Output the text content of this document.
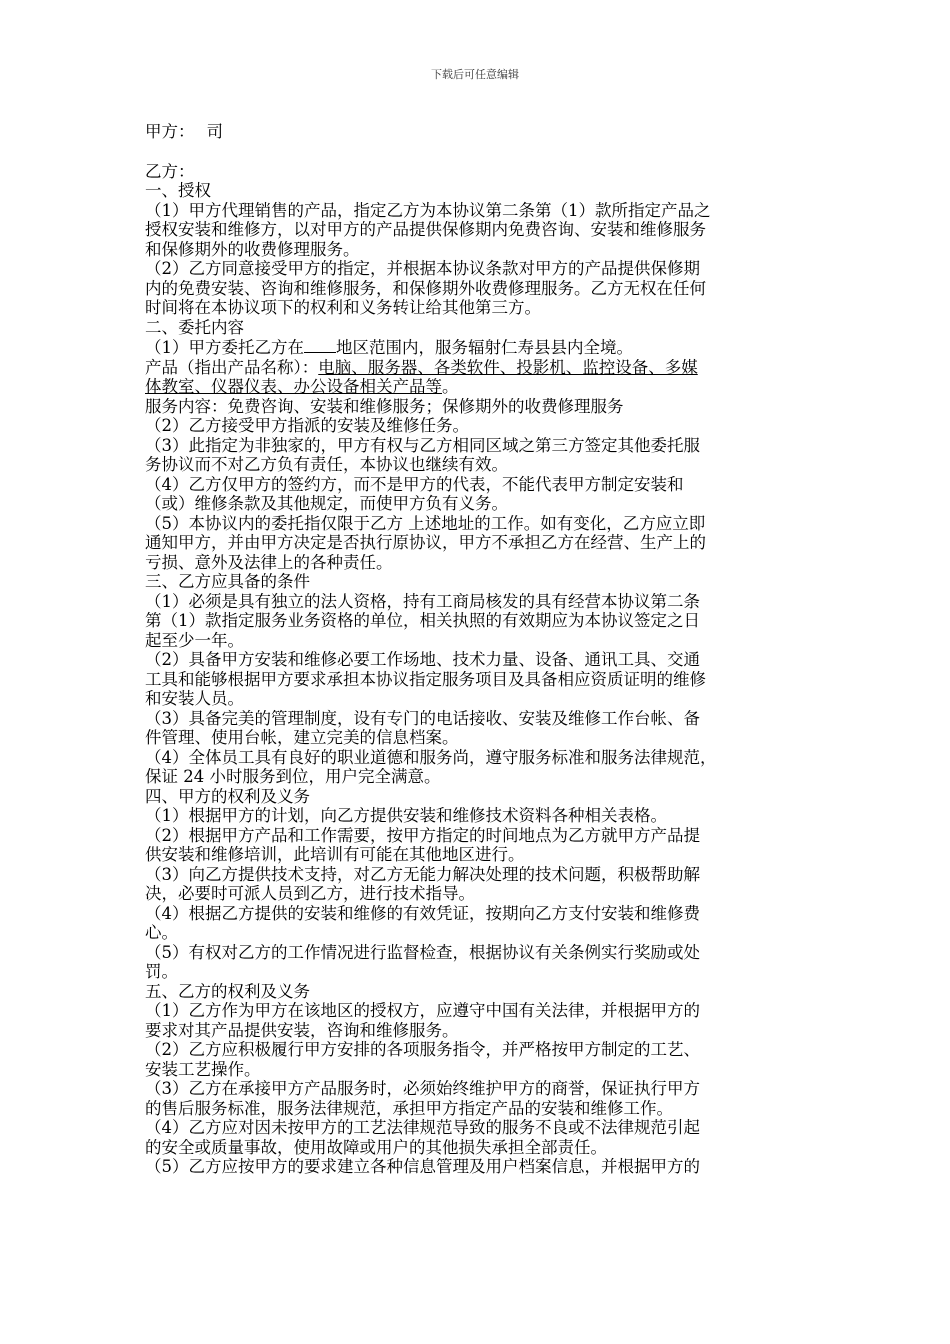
下载后可任意编辑
甲方： 司
乙方：
一、授权
（1）甲方代理销售的产品，指定乙方为本协议第二条第（1）款所指定产品之
授权安装和维修方，以对甲方的产品提供保修期内免费咨询、安装和维修服务
和保修期外的收费修理服务。
（2）乙方同意接受甲方的指定，并根据本协议条款对甲方的产品提供保修期
内的免费安装、咨询和维修服务，和保修期外收费修理服务。乙方无权在任何
时间将在本协议项下的权利和义务转让给其他第三方。
二、委托内容
（1）甲方委托乙方在 地区范围内，服务辐射仁寿县县内全境。
产品（指出产品名称）：电脑、服务器、各类软件、投影机、监控设备、多媒
体教室、仪器仪表、办公设备相关产品等。
服务内容：免费咨询、安装和维修服务；保修期外的收费修理服务
（2）乙方接受甲方指派的安装及维修任务。
（3）此指定为非独家的，甲方有权与乙方相同区域之第三方签定其他委托服
务协议而不对乙方负有责任，本协议也继续有效。
（4）乙方仅甲方的签约方，而不是甲方的代表，不能代表甲方制定安装和
（或）维修条款及其他规定，而使甲方负有义务。
（5）本协议内的委托指仅限于乙方 上述地址的工作。如有变化，乙方应立即
通知甲方，并由甲方决定是否执行原协议，甲方不承担乙方在经营、生产上的
亏损、意外及法律上的各种责任。
三、乙方应具备的条件
（1）必须是具有独立的法人资格，持有工商局核发的具有经营本协议第二条
第（1）款指定服务业务资格的单位，相关执照的有效期应为本协议签定之日
起至少一年。
（2）具备甲方安装和维修必要工作场地、技术力量、设备、通讯工具、交通
工具和能够根据甲方要求承担本协议指定服务项目及具备相应资质证明的维修
和安装人员。
（3）具备完美的管理制度，设有专门的电话接收、安装及维修工作台帐、备
件管理、使用台帐，建立完美的信息档案。
（4）全体员工具有良好的职业道德和服务尚，遵守服务标准和服务法律规范，
保证 24 小时服务到位，用户完全满意。
四、甲方的权利及义务
（1）根据甲方的计划，向乙方提供安装和维修技术资料各种相关表格。
（2）根据甲方产品和工作需要，按甲方指定的时间地点为乙方就甲方产品提
供安装和维修培训，此培训有可能在其他地区进行。
（3）向乙方提供技术支持，对乙方无能力解决处理的技术问题，积极帮助解
决，必要时可派人员到乙方，进行技术指导。
（4）根据乙方提供的安装和维修的有效凭证，按期向乙方支付安装和维修费
心。
（5）有权对乙方的工作情况进行监督检查，根据协议有关条例实行奖励或处
罚。
五、乙方的权利及义务
（1）乙方作为甲方在该地区的授权方，应遵守中国有关法律，并根据甲方的
要求对其产品提供安装，咨询和维修服务。
（2）乙方应积极履行甲方安排的各项服务指令，并严格按甲方制定的工艺、
安装工艺操作。
（3）乙方在承接甲方产品服务时，必须始终维护甲方的商誉，保证执行甲方
的售后服务标准，服务法律规范，承担甲方指定产品的安装和维修工作。
（4）乙方应对因未按甲方的工艺法律规范导致的服务不良或不法律规范引起
的安全或质量事故，使用故障或用户的其他损失承担全部责任。
（5）乙方应按甲方的要求建立各种信息管理及用户档案信息，并根据甲方的
